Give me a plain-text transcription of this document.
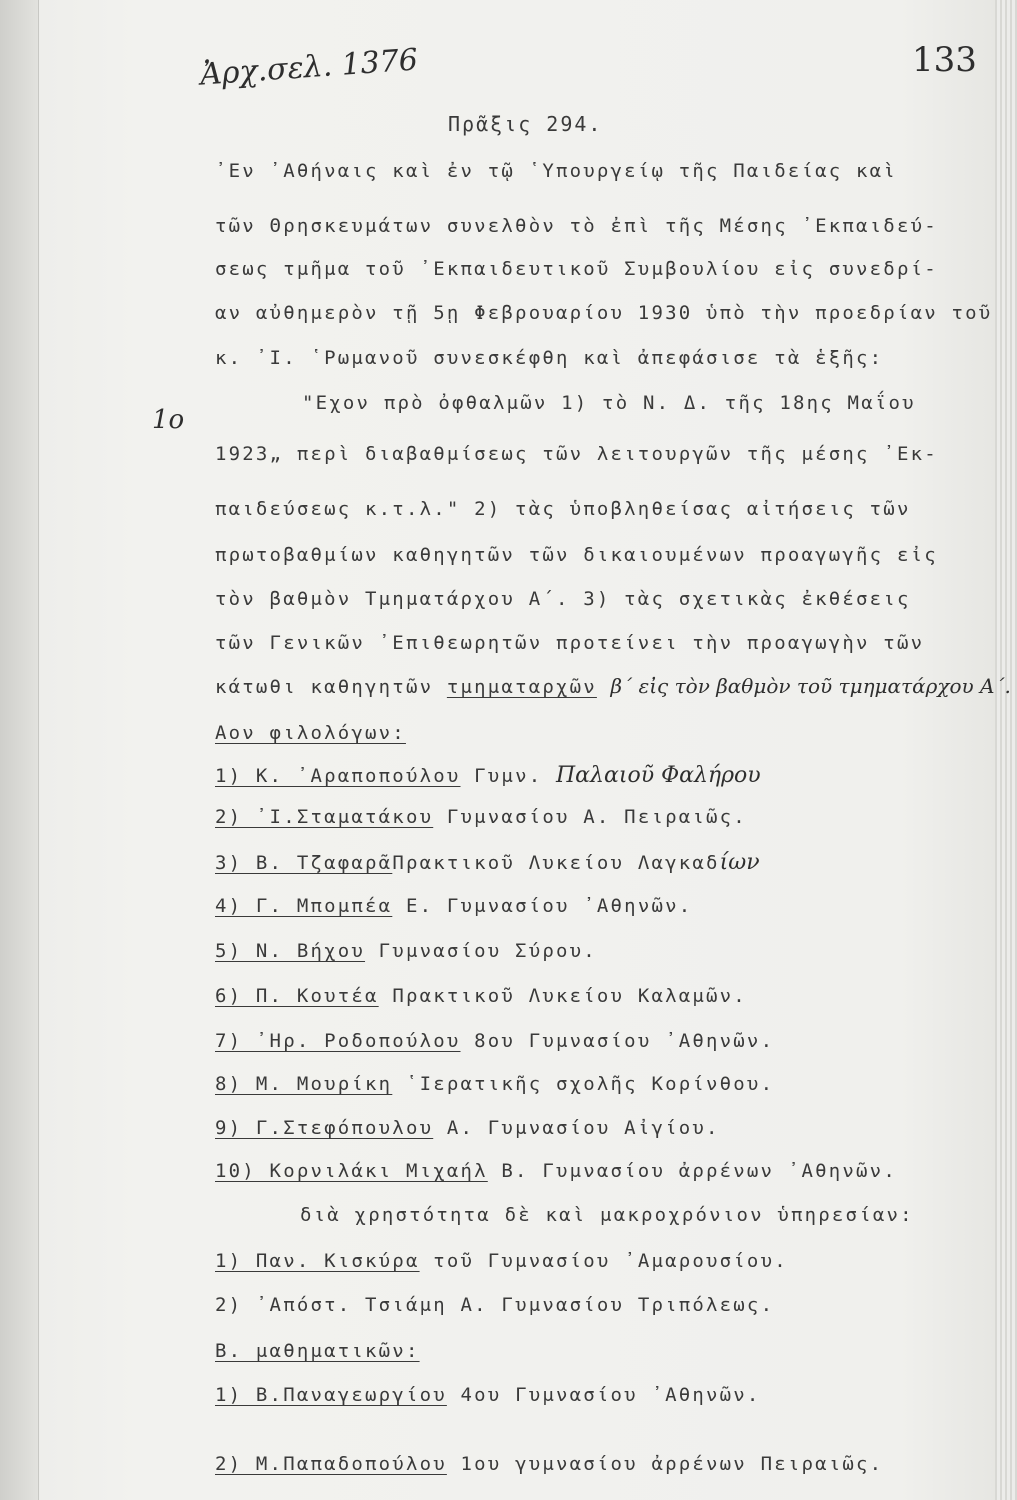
Ἀρχ.σελ. 1376	133
1ο
Πρᾶξις 294.
᾿Εν ᾿Αθήναις καὶ ἐν τῷ ῾Υπουργείῳ τῆς Παιδείας καὶ
τῶν Θρησκευμάτων συνελθὸν τὸ ἐπὶ τῆς Μέσης ᾿Εκπαιδεύ-
σεως τμῆμα τοῦ ᾿Εκπαιδευτικοῦ Συμβουλίου εἰς συνεδρί-
αν αὐθημερὸν τῇ 5ῃ Φεβρουαρίου 1930 ὑπὸ τὴν προεδρίαν τοῦ
κ. ᾿Ι. ῾Ρωμανοῦ συνεσκέφθη καὶ ἀπεφάσισε τὰ ἑξῆς:
"Εχον πρὸ ὀφθαλμῶν 1) τὸ Ν. Δ. τῆς 18ης Μαΐου
1923„ περὶ διαβαθμίσεως τῶν λειτουργῶν τῆς μέσης ᾿Εκ-
παιδεύσεως κ.τ.λ." 2) τὰς ὑποβληθείσας αἰτήσεις τῶν
πρωτοβαθμίων καθηγητῶν τῶν δικαιουμένων προαγωγῆς εἰς
τὸν βαθμὸν Τμηματάρχου Α΄. 3) τὰς σχετικὰς ἐκθέσεις
τῶν Γενικῶν ᾿Επιθεωρητῶν προτείνει τὴν προαγωγὴν τῶν
κάτωθι καθηγητῶν τμηματαρχῶν β΄ εἰς τὸν βαθμὸν τοῦ τμηματάρχου Α΄.
Αον φιλολόγων:
1) Κ. ᾿Αραποπούλου Γυμν. Παλαιοῦ Φαλήρου
2) ᾿Ι.Σταματάκου Γυμνασίου Α. Πειραιῶς.
3) Β. ΤζαφαρᾶΠρακτικοῦ Λυκείου Λαγκαδίων
4) Γ. Μπομπέα Ε. Γυμνασίου ᾿Αθηνῶν.
5) Ν. Βήχου Γυμνασίου Σύρου.
6) Π. Κουτέα Πρακτικοῦ Λυκείου Καλαμῶν.
7) ᾿Ηρ. Ροδοπούλου 8ου Γυμνασίου ᾿Αθηνῶν.
8) Μ. Μουρίκη ῾Ιερατικῆς σχολῆς Κορίνθου.
9) Γ.Στεφόπουλου Α. Γυμνασίου Αἰγίου.
10) Κορνιλάκι Μιχαήλ Β. Γυμνασίου ἀρρένων ᾿Αθηνῶν.
διὰ χρηστότητα δὲ καὶ μακροχρόνιον ὑπηρεσίαν:
1) Παν. Κισκύρα τοῦ Γυμνασίου ᾿Αμαρουσίου.
2) ᾿Απόστ. Τσιάμη Α. Γυμνασίου Τριπόλεως.
Β. μαθηματικῶν:
1) Β.Παναγεωργίου 4ου Γυμνασίου ᾿Αθηνῶν.
2) Μ.Παπαδοπούλου 1ου γυμνασίου ἀρρένων Πειραιῶς.
